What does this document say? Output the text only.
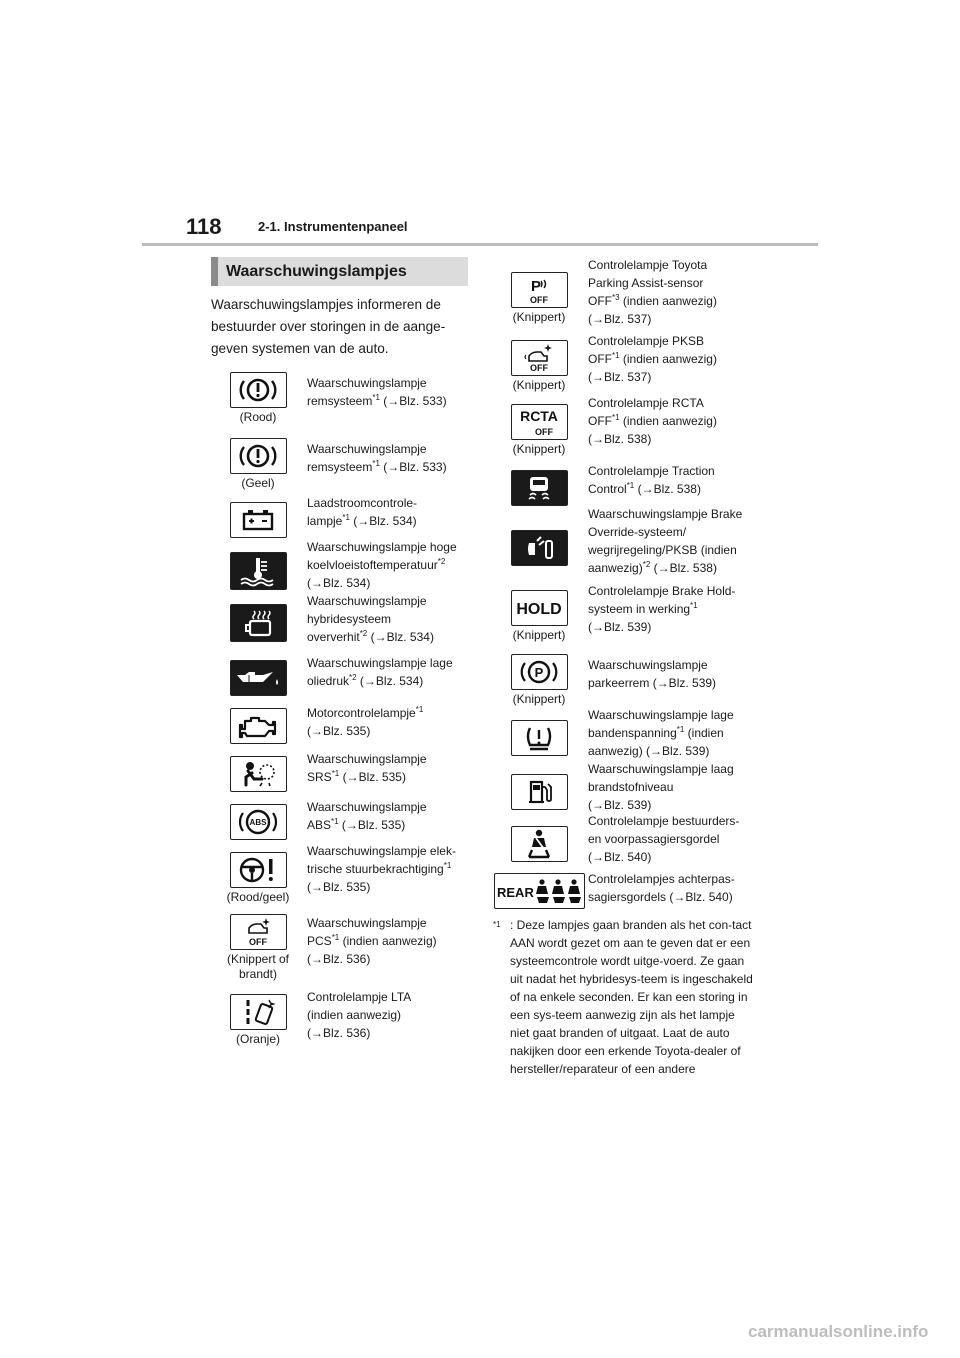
118	2-1. Instrumentenpaneel
Waarschuwingslampjes
Waarschuwingslampjes informeren de bestuurder over storingen in de aange-geven systemen van de auto.
(Rood)
Waarschuwingslampje
remsysteem$^{*1}$ (→Blz. 533)
(Geel)
Waarschuwingslampje
remsysteem$^{*1}$ (→Blz. 533)
Laadstroomcontrole-
lampje$^{*1}$ (→Blz. 534)
Waarschuwingslampje hoge
koelvloeistoftemperatuur$^{*2}$
(→Blz. 534)
Waarschuwingslampje hybridesysteem
oververhit$^{*2}$ (→Blz. 534)
Waarschuwingslampje lage
oliedruk$^{*2}$ (→Blz. 534)
Motorcontrolelampje$^{*1}$
(→Blz. 535)
Waarschuwingslampje
SRS$^{*1}$ (→Blz. 535)
ABS
Waarschuwingslampje
ABS$^{*1}$ (→Blz. 535)
(Rood/geel)
Waarschuwingslampje elek-
trische stuurbekrachtiging$^{*1}$
(→Blz. 535)
OFF
(Knippert of brandt)
Waarschuwingslampje
PCS$^{*1}$ (indien aanwezig) (→Blz. 536)
(Oranje)
Controlelampje LTA
(indien aanwezig)
(→Blz. 536)
P
OFF
(Knippert)
Controlelampje Toyota Parking Assist-sensor
OFF$^{*3}$ (indien aanwezig) (→Blz. 537)
OFF
(Knippert)
Controlelampje PKSB
OFF$^{*1}$ (indien aanwezig) (→Blz. 537)
RCTA
OFF
(Knippert)
Controlelampje RCTA
OFF$^{*1}$ (indien aanwezig) (→Blz. 538)
Controlelampje Traction
Control$^{*1}$ (→Blz. 538)
Waarschuwingslampje Brake Override-systeem/ wegrijregeling/PKSB (indien
aanwezig)$^{*2}$ (→Blz. 538)
HOLD
(Knippert)
Controlelampje Brake Hold-
systeem in werking$^{*1}$
(→Blz. 539)
P
(Knippert)
Waarschuwingslampje
parkeerrem (→Blz. 539)
Waarschuwingslampje lage
bandenspanning$^{*1}$ (indien aanwezig) (→Blz. 539)
Waarschuwingslampje laag brandstofniveau
(→Blz. 539)
Controlelampje bestuurders- en voorpassagiersgordel
(→Blz. 540)
REAR
Controlelampjes achterpas-
sagiersgordels (→Blz. 540)
$^{*1}$ : Deze lampjes gaan branden als het con-tact AAN wordt gezet om aan te geven dat er een systeemcontrole wordt uitge-voerd. Ze gaan uit nadat het hybridesys-teem is ingeschakeld of na enkele seconden. Er kan een storing in een sys-teem aanwezig zijn als het lampje niet gaat branden of uitgaat. Laat de auto nakijken door een erkende Toyota-dealer of hersteller/reparateur of een andere
carmanualsonline.info
